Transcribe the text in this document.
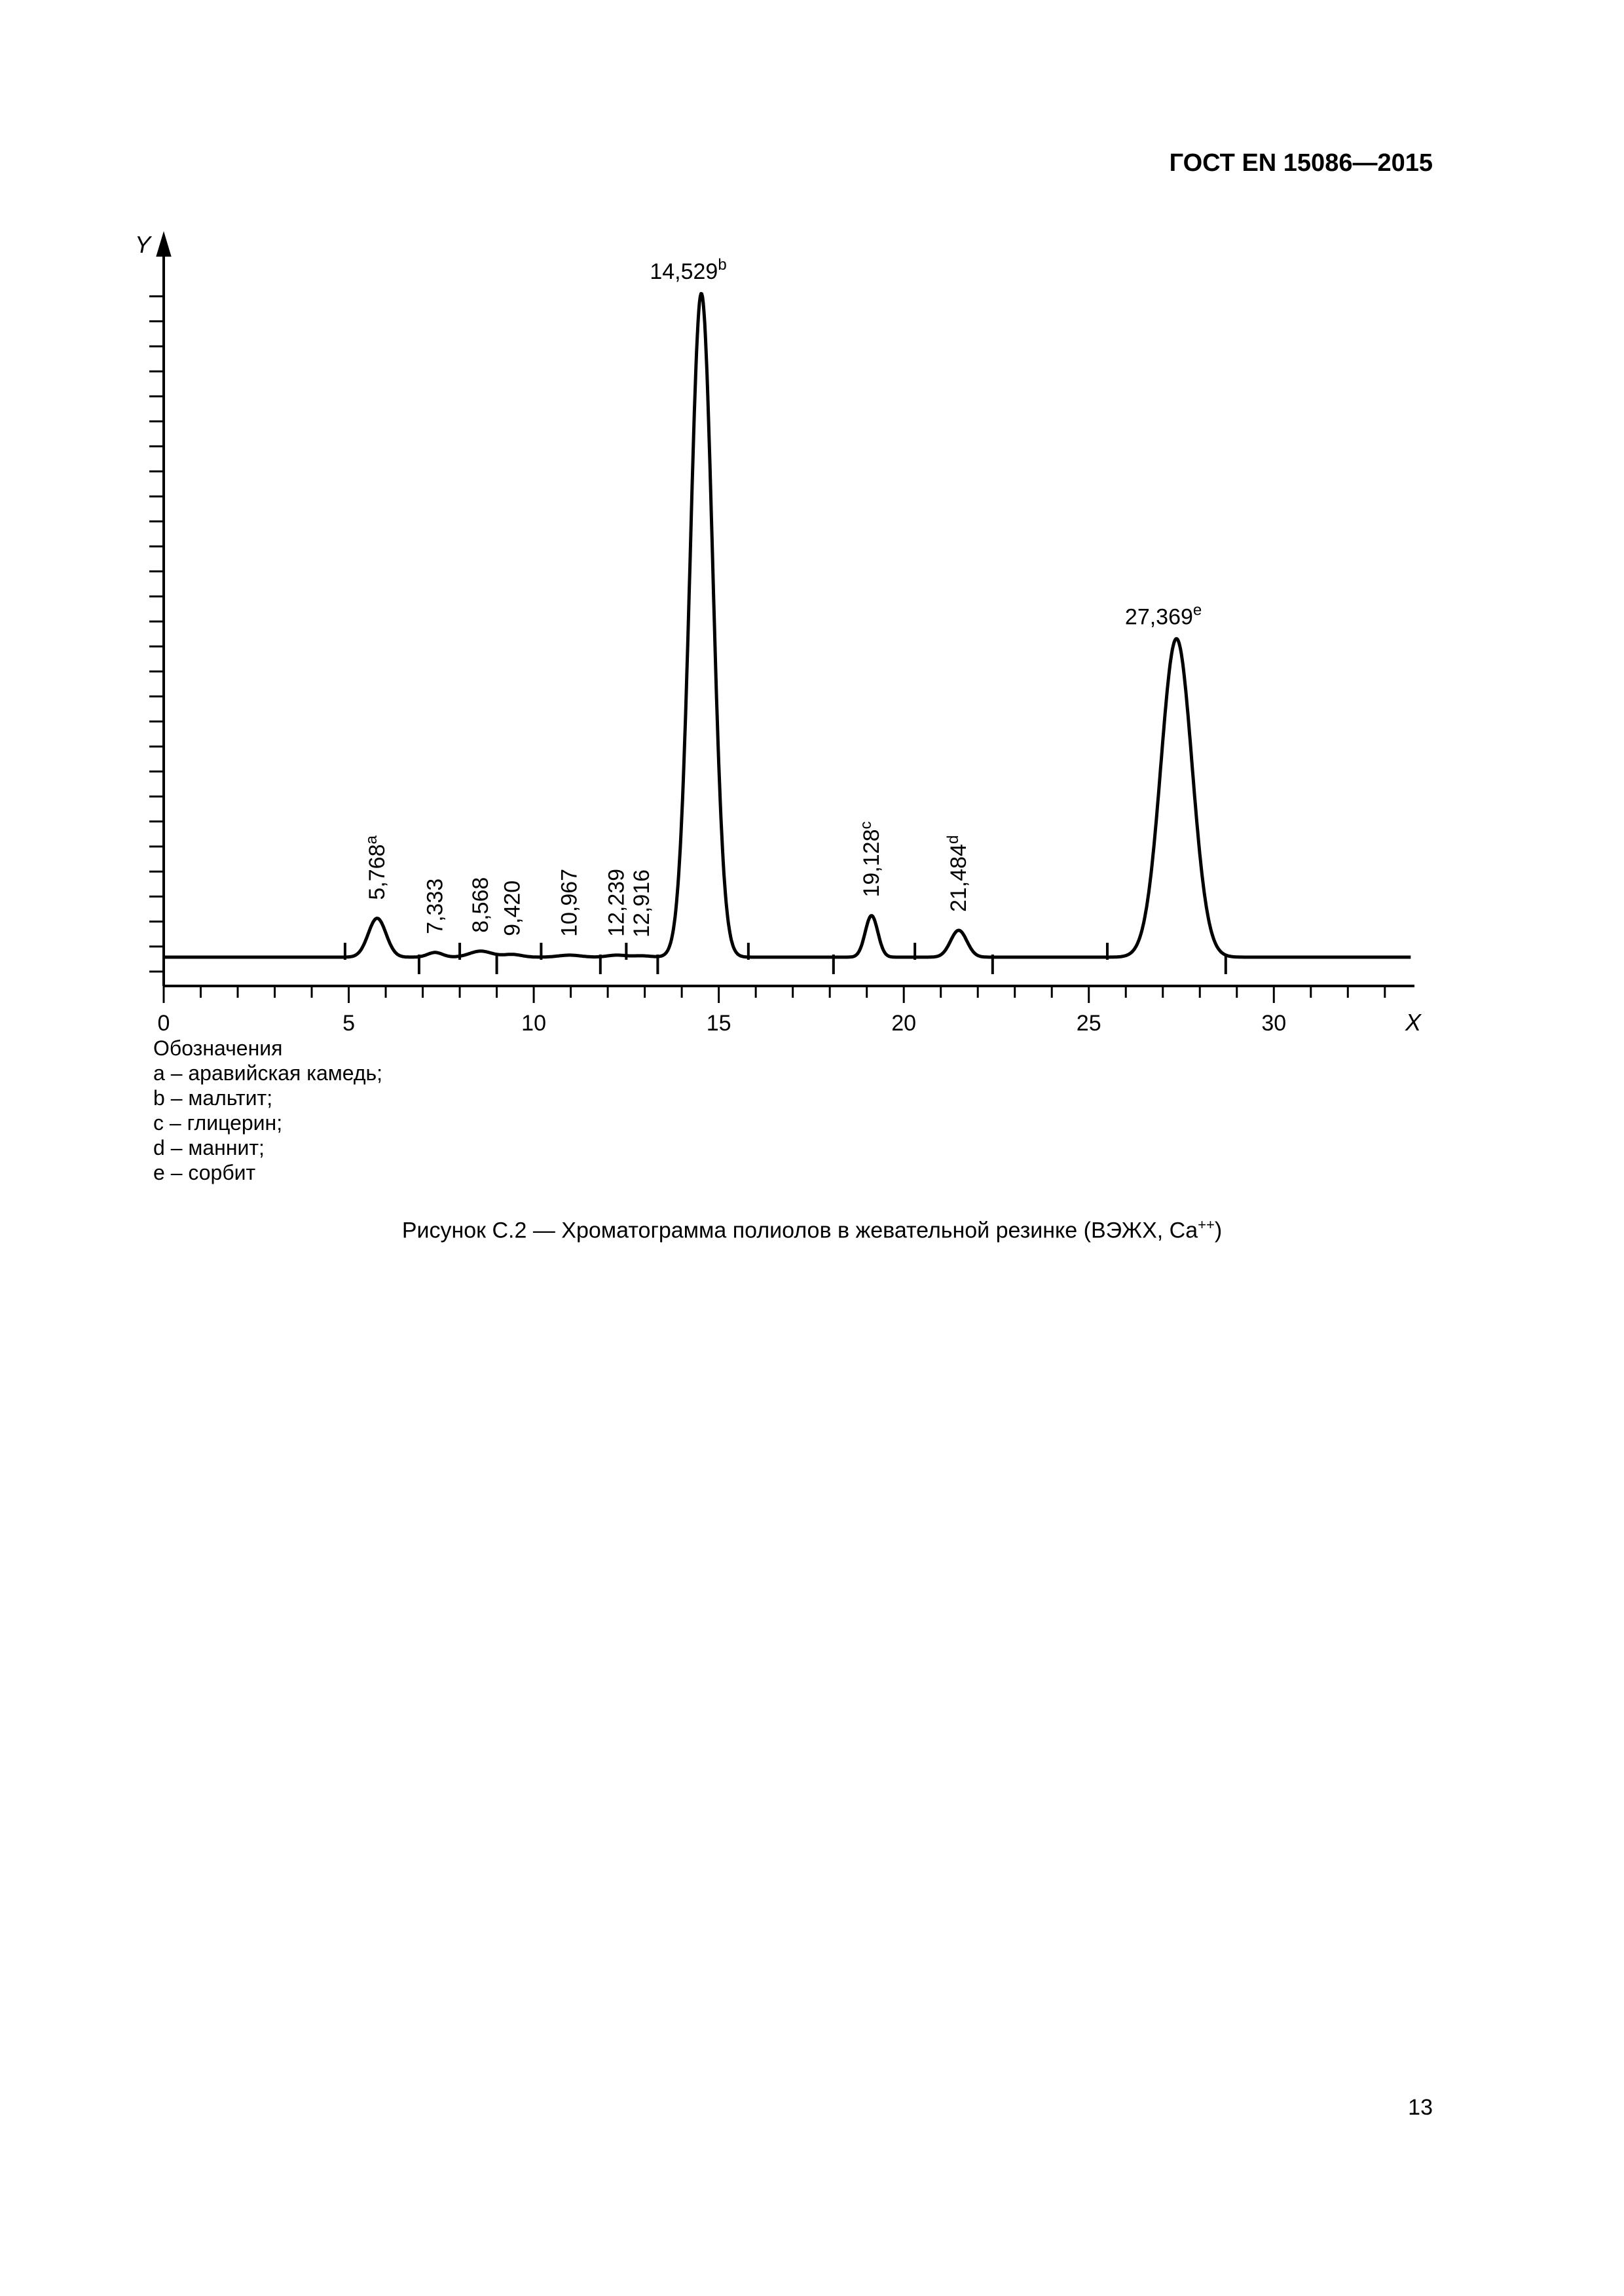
ГОСТ EN 15086—2015
0	5	10	15	20	25	30
Y
X
5,768$^a$
7,333 8,568 9,420 10,967 12,239 12,916
14,529$^b$
19,128$^c$
21,484$^d$
27,369e
Обозначения
a – аравийская камедь;
b – мальтит;
c – глицерин;
d – маннит;
e – сорбит
Рисунок С.2 — Хроматограмма полиолов в жевательной резинке (ВЭЖХ, Ca++)
13
